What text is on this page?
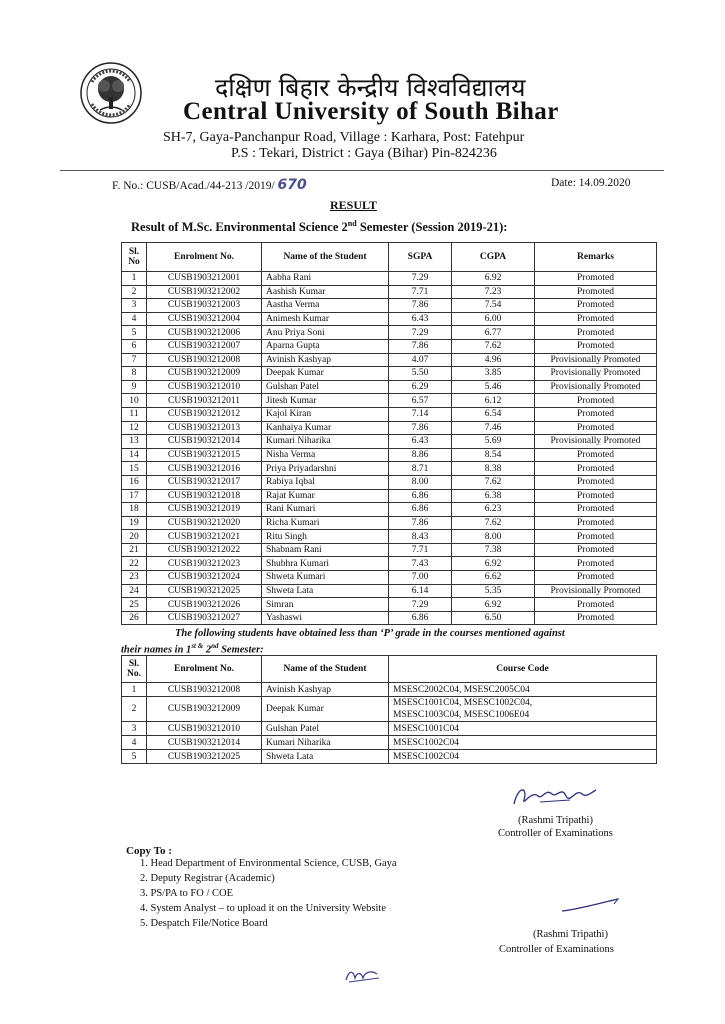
दक्षिण बिहार केन्द्रीय विश्वविद्यालय
Central University of South Bihar
SH-7, Gaya-Panchanpur Road, Village : Karhara, Post: Fatehpur
P.S : Tekari, District : Gaya (Bihar) Pin-824236
F. No.: CUSB/Acad./44-213 /2019/ 670	Date: 14.09.2020
RESULT
Result of M.Sc. Environmental Science 2nd Semester (Session 2019-21):
Sl. No	Enrolment No.	Name of the Student	SGPA	CGPA	Remarks
1	CUSB1903212001	Aabha Rani	7.29	6.92	Promoted
2	CUSB1903212002	Aashish Kumar	7.71	7.23	Promoted
3	CUSB1903212003	Aastha Verma	7.86	7.54	Promoted
4	CUSB1903212004	Animesh Kumar	6.43	6.00	Promoted
5	CUSB1903212006	Anu Priya Soni	7.29	6.77	Promoted
6	CUSB1903212007	Aparna Gupta	7.86	7.62	Promoted
7	CUSB1903212008	Avinish Kashyap	4.07	4.96	Provisionally Promoted
8	CUSB1903212009	Deepak Kumar	5.50	3.85	Provisionally Promoted
9	CUSB1903212010	Gulshan Patel	6.29	5.46	Provisionally Promoted
10	CUSB1903212011	Jitesh Kumar	6.57	6.12	Promoted
11	CUSB1903212012	Kajol Kiran	7.14	6.54	Promoted
12	CUSB1903212013	Kanhaiya Kumar	7.86	7.46	Promoted
13	CUSB1903212014	Kumari Niharika	6.43	5.69	Provisionally Promoted
14	CUSB1903212015	Nisha Verma	8.86	8.54	Promoted
15	CUSB1903212016	Priya Priyadarshni	8.71	8.38	Promoted
16	CUSB1903212017	Rabiya Iqbal	8.00	7.62	Promoted
17	CUSB1903212018	Rajat Kumar	6.86	6.38	Promoted
18	CUSB1903212019	Rani Kumari	6.86	6.23	Promoted
19	CUSB1903212020	Richa Kumari	7.86	7.62	Promoted
20	CUSB1903212021	Ritu Singh	8.43	8.00	Promoted
21	CUSB1903212022	Shabnam Rani	7.71	7.38	Promoted
22	CUSB1903212023	Shubhra Kumari	7.43	6.92	Promoted
23	CUSB1903212024	Shweta Kumari	7.00	6.62	Promoted
24	CUSB1903212025	Shweta Lata	6.14	5.35	Provisionally Promoted
25	CUSB1903212026	Simran	7.29	6.92	Promoted
26	CUSB1903212027	Yashaswi	6.86	6.50	Promoted
The following students have obtained less than ‘P’ grade in the courses mentioned against
their names in $1^{st \&}$ 2nd Semester:
Sl. No.	Enrolment No.	Name of the Student	Course Code
1	CUSB1903212008	Avinish Kashyap	MSESC2002C04, MSESC2005C04
2	CUSB1903212009	Deepak Kumar	MSESC1001C04, MSESC1002C04,
MSESC1003C04, MSESC1006E04
3	CUSB1903212010	Gulshan Patel	MSESC1001C04
4	CUSB1903212014	Kumari Niharika	MSESC1002C04
5	CUSB1903212025	Shweta Lata	MSESC1002C04
(Rashmi Tripathi)
Controller of Examinations
Copy To :
1. Head Department of Environmental Science, CUSB, Gaya
2. Deputy Registrar (Academic)
3. PS/PA to FO / COE
4. System Analyst – to upload it on the University Website
5. Despatch File/Notice Board
(Rashmi Tripathi)
Controller of Examinations
